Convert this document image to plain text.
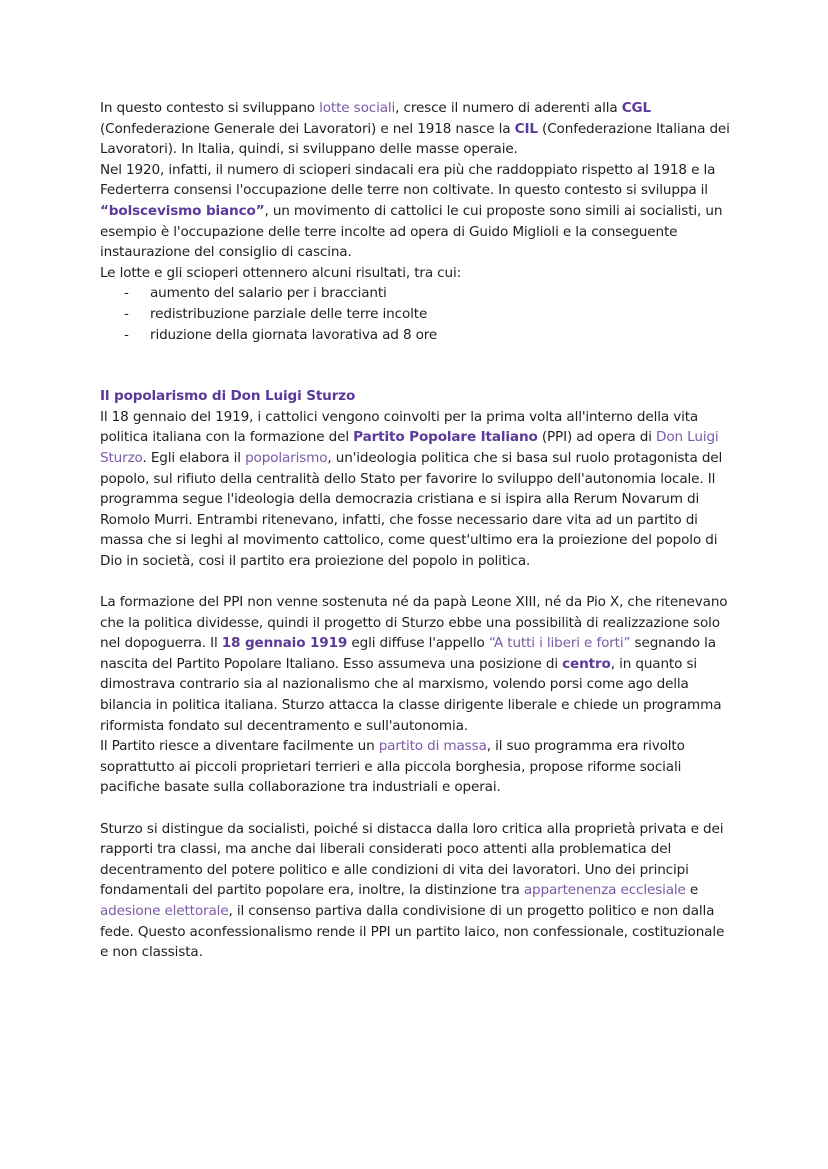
In questo contesto si sviluppano lotte sociali, cresce il numero di aderenti alla CGL (Confederazione Generale dei Lavoratori) e nel 1918 nasce la CIL (Confederazione Italiana dei Lavoratori). In Italia, quindi, si sviluppano delle masse operaie.

Nel 1920, infatti, il numero di scioperi sindacali era più che raddoppiato rispetto al 1918 e la Federterra consensi l'occupazione delle terre non coltivate. In questo contesto si sviluppa il “bolscevismo bianco”, un movimento di cattolici le cui proposte sono simili ai socialisti, un esempio è l'occupazione delle terre incolte ad opera di Guido Miglioli e la conseguente instaurazione del consiglio di cascina.

Le lotte e gli scioperi ottennero alcuni risultati, tra cui:

- aumento del salario per i braccianti
- redistribuzione parziale delle terre incolte
- riduzione della giornata lavorativa ad 8 ore

Il popolarismo di Don Luigi Sturzo

Il 18 gennaio del 1919, i cattolici vengono coinvolti per la prima volta all'interno della vita politica italiana con la formazione del Partito Popolare Italiano (PPI) ad opera di Don Luigi Sturzo. Egli elabora il popolarismo, un'ideologia politica che si basa sul ruolo protagonista del popolo, sul rifiuto della centralità dello Stato per favorire lo sviluppo dell'autonomia locale. Il programma segue l'ideologia della democrazia cristiana e si ispira alla Rerum Novarum di Romolo Murri. Entrambi ritenevano, infatti, che fosse necessario dare vita ad un partito di massa che si leghi al movimento cattolico, come quest'ultimo era la proiezione del popolo di Dio in società, cosi il partito era proiezione del popolo in politica.

La formazione del PPI non venne sostenuta né da papà Leone XIII, né da Pio X, che ritenevano che la politica dividesse, quindi il progetto di Sturzo ebbe una possibilità di realizzazione solo nel dopoguerra. Il 18 gennaio 1919 egli diffuse l'appello “A tutti i liberi e forti” segnando la nascita del Partito Popolare Italiano. Esso assumeva una posizione di centro, in quanto si dimostrava contrario sia al nazionalismo che al marxismo, volendo porsi come ago della bilancia in politica italiana. Sturzo attacca la classe dirigente liberale e chiede un programma riformista fondato sul decentramento e sull'autonomia.

Il Partito riesce a diventare facilmente un partito di massa, il suo programma era rivolto soprattutto ai piccoli proprietari terrieri e alla piccola borghesia, propose riforme sociali pacifiche basate sulla collaborazione tra industriali e operai.

Sturzo si distingue da socialisti, poiché si distacca dalla loro critica alla proprietà privata e dei rapporti tra classi, ma anche dai liberali considerati poco attenti alla problematica del decentramento del potere politico e alle condizioni di vita dei lavoratori. Uno dei principi fondamentali del partito popolare era, inoltre, la distinzione tra appartenenza ecclesiale e adesione elettorale, il consenso partiva dalla condivisione di un progetto politico e non dalla fede. Questo aconfessionalismo rende il PPI un partito laico, non confessionale, costituzionale e non classista.
